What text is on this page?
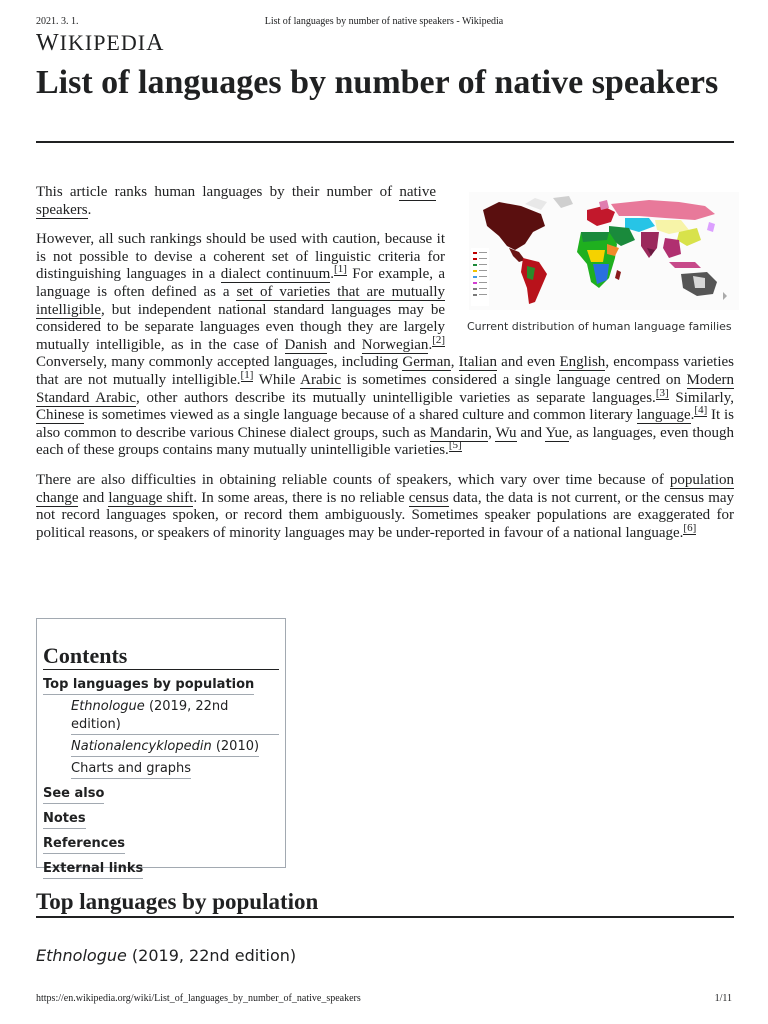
2021. 3. 1.	List of languages by number of native speakers - Wikipedia
WIKIPEDIA
List of languages by number of native speakers
Current distribution of human language families

This article ranks human languages by their number of native speakers.

However, all such rankings should be used with caution, because it is not possible to devise a coherent set of linguistic criteria for distinguishing languages in a dialect continuum.[1] For example, a language is often defined as a set of varieties that are mutually intelligible, but independent national standard languages may be considered to be separate languages even though they are largely mutually intelligible, as in the case of Danish and Norwegian.[2] Conversely, many commonly accepted languages, including German, Italian and even English, encompass varieties that are not mutually intelligible.[1] While Arabic is sometimes considered a single language centred on Modern Standard Arabic, other authors describe its mutually unintelligible varieties as separate languages.[3] Similarly, Chinese is sometimes viewed as a single language because of a shared culture and common literary language.[4] It is also common to describe various Chinese dialect groups, such as Mandarin, Wu and Yue, as languages, even though each of these groups contains many mutually unintelligible varieties.[5]

There are also difficulties in obtaining reliable counts of speakers, which vary over time because of population change and language shift. In some areas, there is no reliable census data, the data is not current, or the census may not record languages spoken, or record them ambiguously. Sometimes speaker populations are exaggerated for political reasons, or speakers of minority languages may be under-reported in favour of a national language.[6]

Contents
Top languages by population
Ethnologue (2019, 22nd edition)
Nationalencyklopedin (2010)
Charts and graphs
See also
Notes
References
External links
Top languages by population
Ethnologue (2019, 22nd edition)
https://en.wikipedia.org/wiki/List_of_languages_by_number_of_native_speakers	1/11
